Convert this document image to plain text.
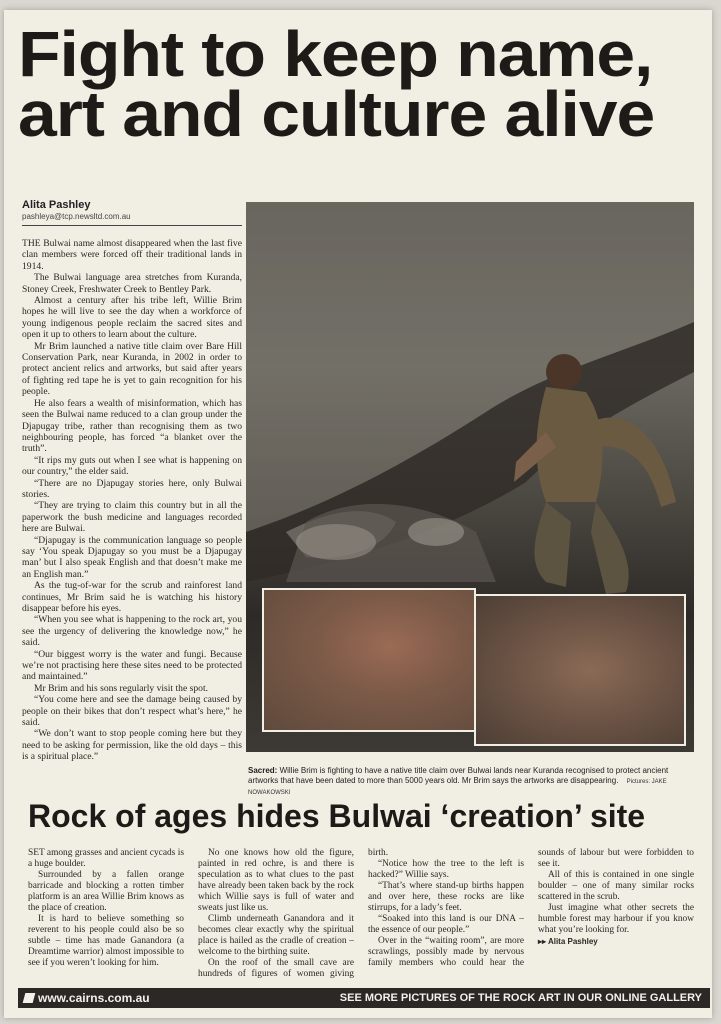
Fight to keep name,
art and culture alive
Alita Pashley
pashleya@tcp.newsltd.com.au

THE Bulwai name almost disappeared when the last five clan members were forced off their traditional lands in 1914.

The Bulwai language area stretches from Kuranda, Stoney Creek, Freshwater Creek to Bentley Park.

Almost a century after his tribe left, Willie Brim hopes he will live to see the day when a workforce of young indigenous people reclaim the sacred sites and open it up to others to learn about the culture.

Mr Brim launched a native title claim over Bare Hill Conservation Park, near Kuranda, in 2002 in order to protect ancient relics and artworks, but said after years of fighting red tape he is yet to gain recognition for his people.

He also fears a wealth of misinformation, which has seen the Bulwai name reduced to a clan group under the Djapugay tribe, rather than recognising them as two neighbouring people, has forced “a blanket over the truth”.

“It rips my guts out when I see what is happening on our country,” the elder said.

“There are no Djapugay stories here, only Bulwai stories.

“They are trying to claim this country but in all the paperwork the bush medicine and languages recorded here are Bulwai.

“Djapugay is the communication language so people say ‘You speak Djapugay so you must be a Djapugay man’ but I also speak English and that doesn’t make me an English man.”

As the tug-of-war for the scrub and rainforest land continues, Mr Brim said he is watching his history disappear before his eyes.

“When you see what is happening to the rock art, you see the urgency of delivering the knowledge now,” he said.

“Our biggest worry is the water and fungi. Because we’re not practising here these sites need to be protected and maintained.”

Mr Brim and his sons regularly visit the spot.

“You come here and see the damage being caused by people on their bikes that don’t respect what’s here,” he said.

“We don’t want to stop people coming here but they need to be asking for permission, like the old days – this is a spiritual place.”

Sacred: Willie Brim is fighting to have a native title claim over Bulwai lands near Kuranda recognised to protect ancient artworks that have been dated to more than 5000 years old. Mr Brim says the artworks are disappearing. Pictures: JAKE NOWAKOWSKI
Rock of ages hides Bulwai ‘creation’ site

SET among grasses and ancient cycads is a huge boulder.

Surrounded by a fallen orange barricade and blocking a rotten timber platform is an area Willie Brim knows as the place of creation.

It is hard to believe something so reverent to his people could also be so subtle – time has made Ganandora (a Dreamtime warrior) almost impossible to see if you weren’t looking for him.

No one knows how old the figure, painted in red ochre, is and there is speculation as to what clues to the past have already been taken back by the rock which Willie says is full of water and sweats just like us.

Climb underneath Ganandora and it becomes clear exactly why the spiritual place is hailed as the cradle of creation – welcome to the birthing suite.

On the roof of the small cave are hundreds of figures of women giving birth.

“Notice how the tree to the left is hacked?” Willie says.

“That’s where stand-up births happen and over here, these rocks are like stirrups, for a lady’s feet.

“Soaked into this land is our DNA – the essence of our people.”

Over in the “waiting room”, are more scrawlings, possibly made by nervous family members who could hear the sounds of labour but were forbidden to see it.

All of this is contained in one single boulder – one of many similar rocks scattered in the scrub.

Just imagine what other secrets the humble forest may harbour if you know what you’re looking for.

▸▸ Alita Pashley

www.cairns.com.au	SEE MORE PICTURES OF THE ROCK ART IN OUR ONLINE GALLERY
